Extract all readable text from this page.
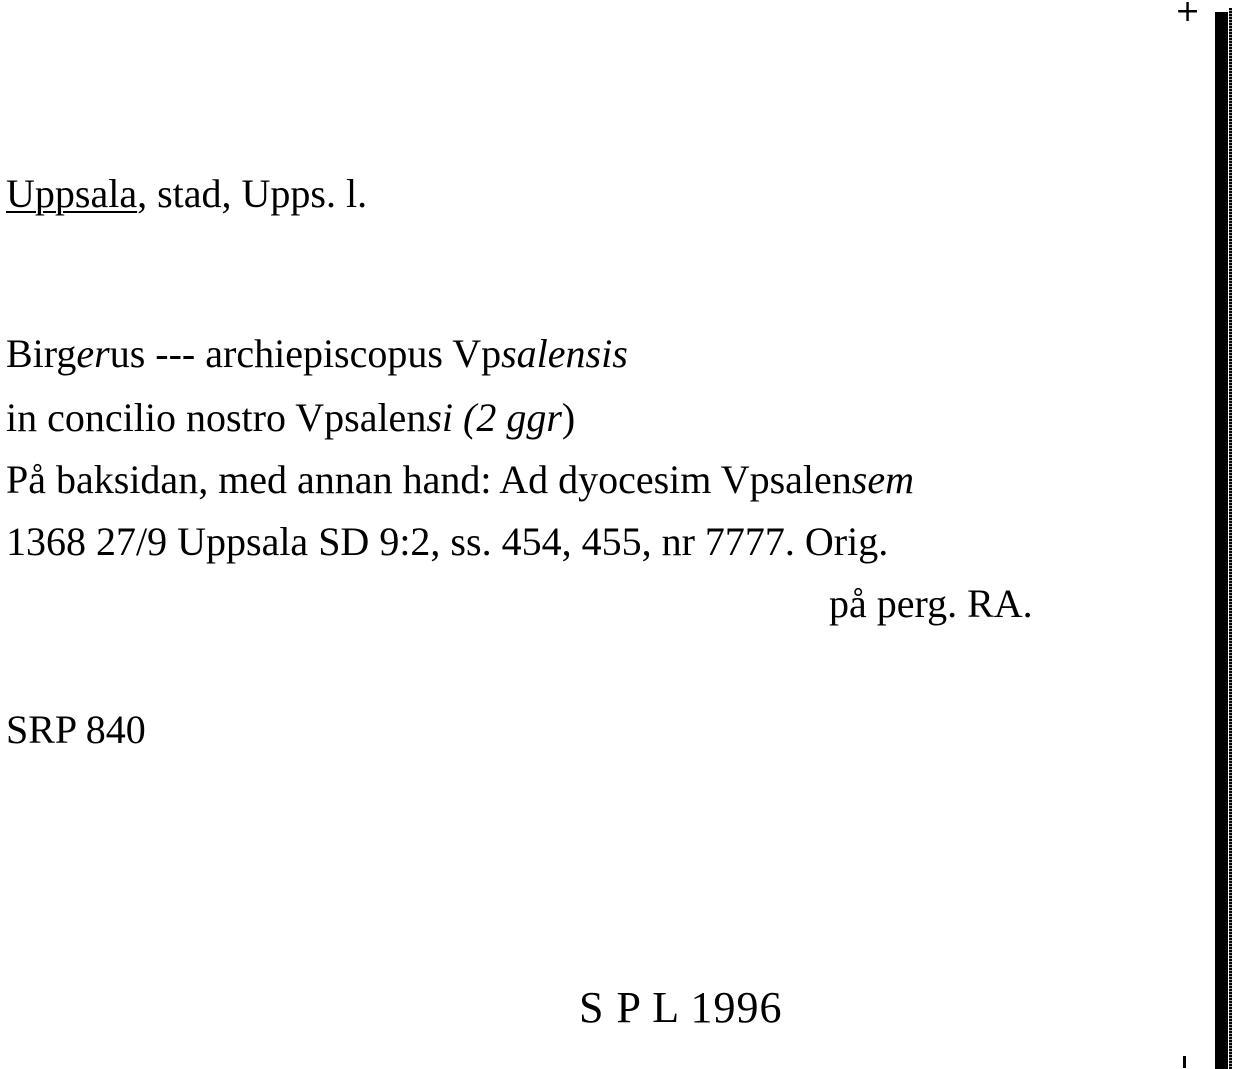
Uppsala, stad, Upps. l.
Birgerus --- archiepiscopus Vpsalensis
in concilio nostro Vpsalensi (2 ggr)
På baksidan, med annan hand: Ad dyocesim Vpsalensem
1368 27/9 Uppsala SD 9:2, ss. 454, 455, nr 7777. Orig.
på perg. RA.
SRP 840
S P L 1996
+
